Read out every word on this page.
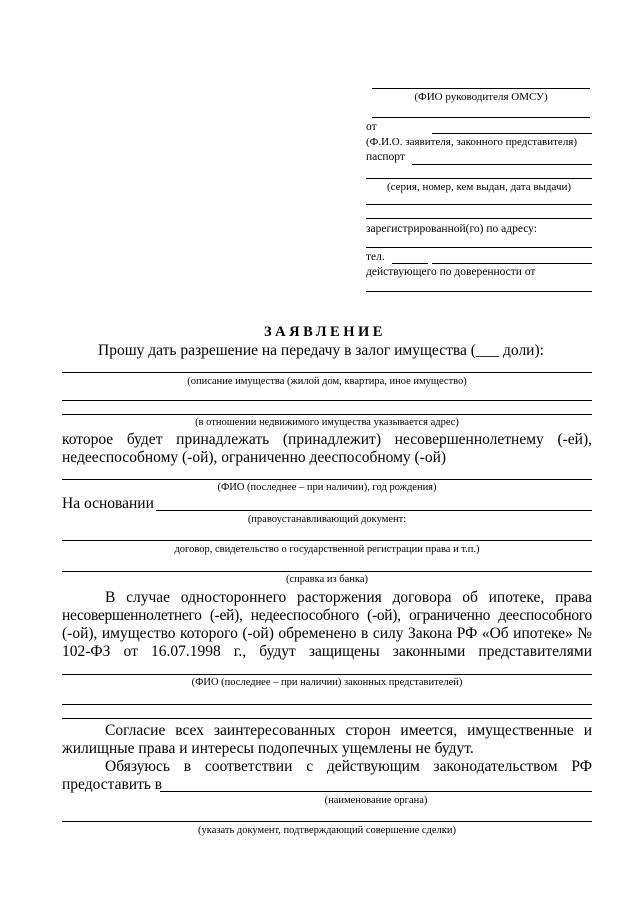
(ФИО руководителя ОМСУ)
от
(Ф.И.О. заявителя, законного представителя)
паспорт
(серия, номер, кем выдан, дата выдачи)
зарегистрированной(го) по адресу:
тел.
действующего по доверенности от
ЗАЯВЛЕНИЕ
Прошу дать разрешение на передачу в залог имущества (___ доли):
(описание имущества (жилой дом, квартира, иное имущество)
(в отношении недвижимого имущества указывается адрес)
которое будет принадлежать (принадлежит) несовершеннолетнему (-ей),
недееспособному (-ой), ограниченно дееспособному (-ой)
(ФИО (последнее – при наличии), год рождения)
На основании
(правоустанавливающий документ:
договор, свидетельство о государственной регистрации права и т.п.)
(справка из банка)
В случае одностороннего расторжения договора об ипотеке, права
несовершеннолетнего (-ей), недееспособного (-ой), ограниченно дееспособного
(-ой), имущество которого (-ой) обременено в силу Закона РФ «Об ипотеке» №
102-ФЗ от 16.07.1998 г., будут защищены законными представителями
(ФИО (последнее – при наличии) законных представителей)
Согласие всех заинтересованных сторон имеется, имущественные и
жилищные права и интересы подопечных ущемлены не будут.
Обязуюсь в соответствии с действующим законодательством РФ
предоставить в
(наименование органа)
(указать документ, подтверждающий совершение сделки)
